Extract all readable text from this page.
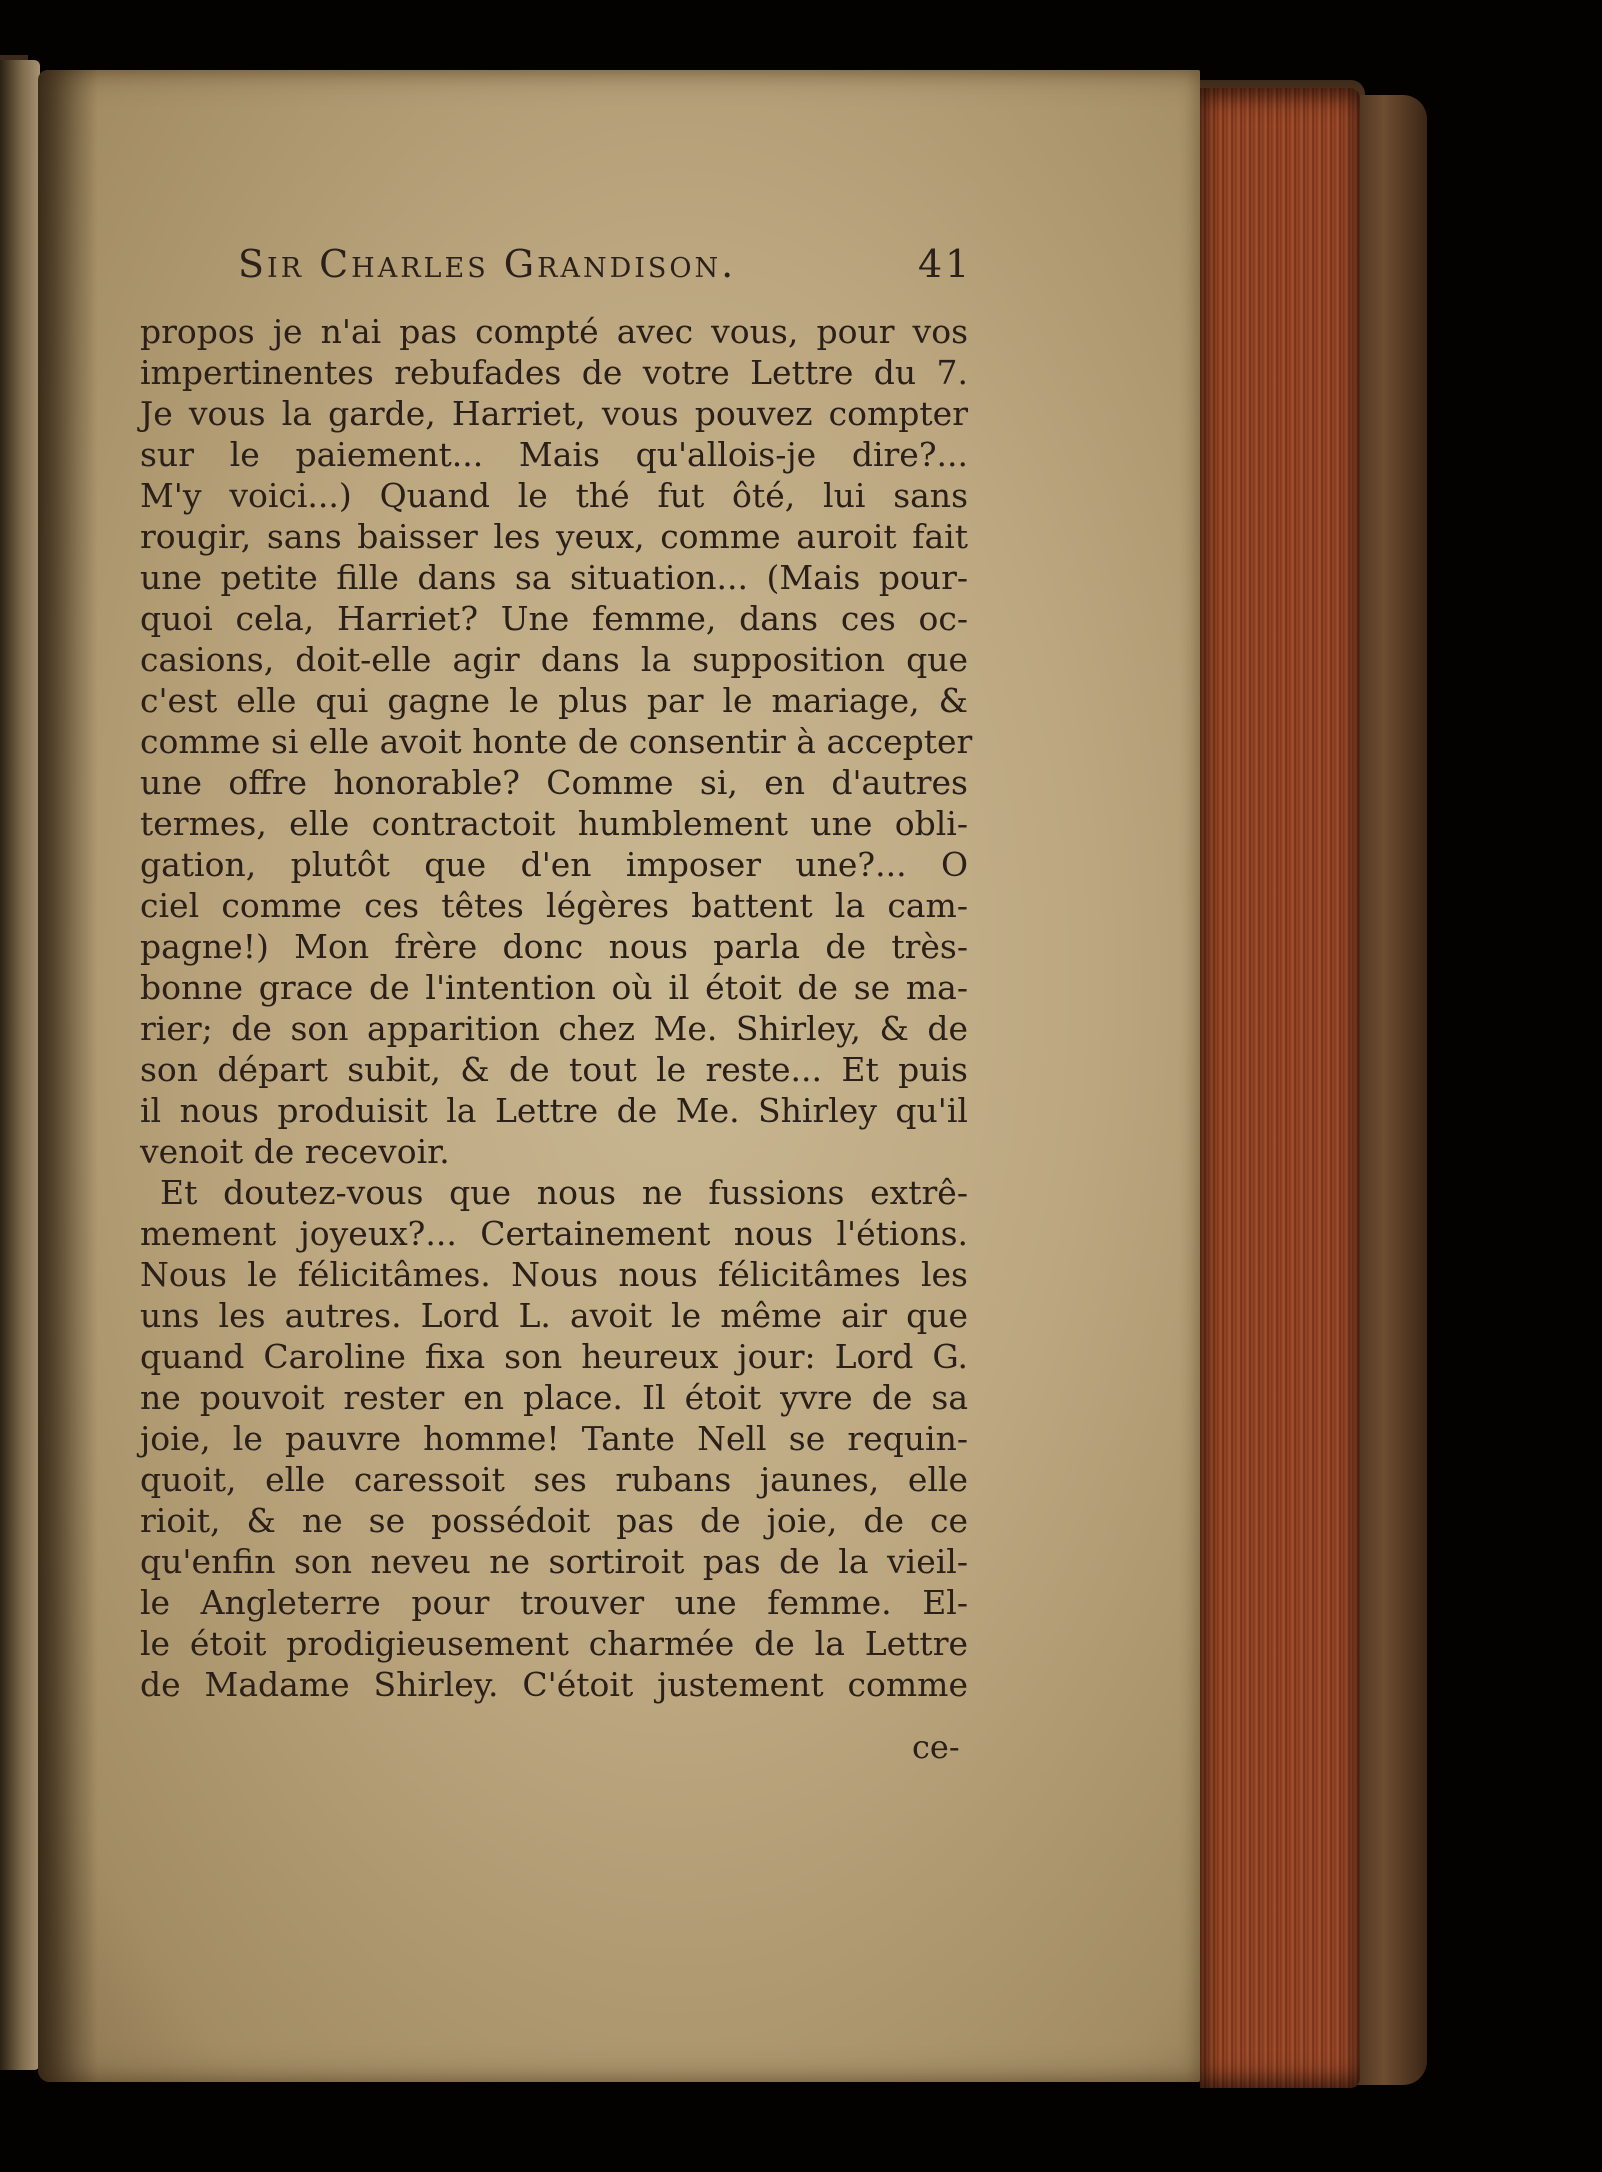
Sir Charles Grandison.	41
propos je n'ai pas compté avec vous, pour vos
impertinentes rebufades de votre Lettre du 7.
Je vous la garde, Harriet, vous pouvez compter
sur le paiement... Mais qu'allois-je dire?...
M'y voici...) Quand le thé fut ôté, lui sans
rougir, sans baisser les yeux, comme auroit fait
une petite fille dans sa situation... (Mais pour-
quoi cela, Harriet? Une femme, dans ces oc-
casions, doit-elle agir dans la supposition que
c'est elle qui gagne le plus par le mariage, &
comme si elle avoit honte de consentir à accepter
une offre honorable? Comme si, en d'autres
termes, elle contractoit humblement une obli-
gation, plutôt que d'en imposer une?... O
ciel comme ces têtes légères battent la cam-
pagne!) Mon frère donc nous parla de très-
bonne grace de l'intention où il étoit de se ma-
rier; de son apparition chez Me. Shirley, & de
son départ subit, & de tout le reste... Et puis
il nous produisit la Lettre de Me. Shirley qu'il
venoit de recevoir.
Et doutez-vous que nous ne fussions extrê-
mement joyeux?... Certainement nous l'étions.
Nous le félicitâmes. Nous nous félicitâmes les
uns les autres. Lord L. avoit le même air que
quand Caroline fixa son heureux jour: Lord G.
ne pouvoit rester en place. Il étoit yvre de sa
joie, le pauvre homme! Tante Nell se requin-
quoit, elle caressoit ses rubans jaunes, elle
rioit, & ne se possédoit pas de joie, de ce
qu'enfin son neveu ne sortiroit pas de la vieil-
le Angleterre pour trouver une femme. El-
le étoit prodigieusement charmée de la Lettre
de Madame Shirley. C'étoit justement comme
ce-
